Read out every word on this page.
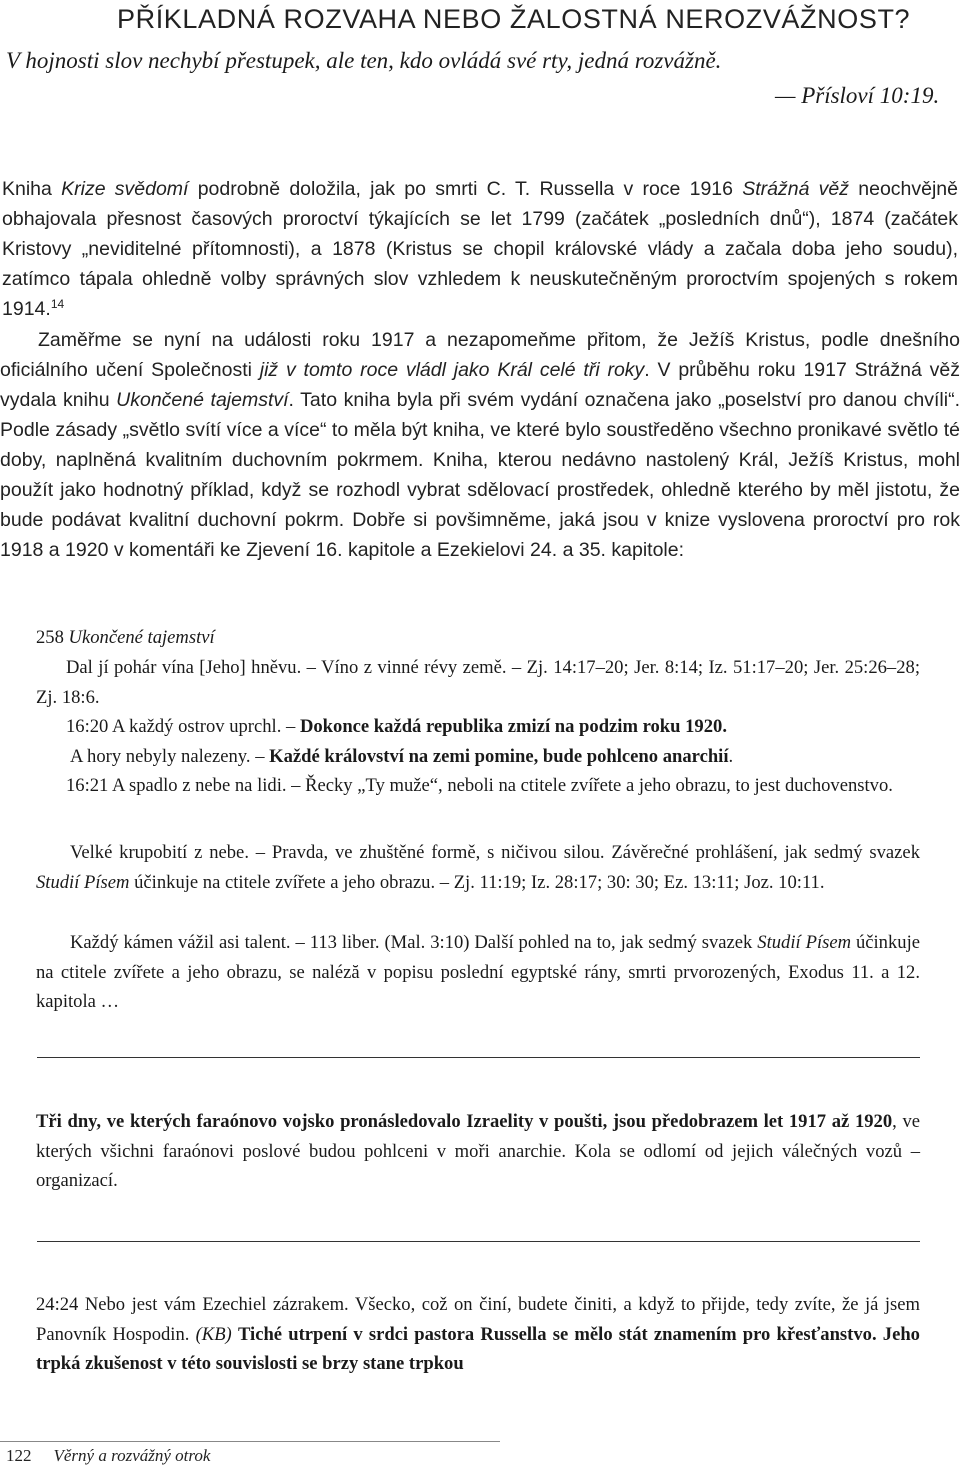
PŘÍKLADNÁ ROZVAHA NEBO ŽALOSTNÁ NEROZVÁŽNOST?
V hojnosti slov nechybí přestupek, ale ten, kdo ovládá své rty, jedná rozvážně.
— Přísloví 10:19.

Kniha Krize svědomí podrobně doložila, jak po smrti C. T. Russella v roce 1916 Strážná věž neochvějně obhajovala přesnost časových proroctví týkajících se let 1799 (začátek „posledních dnů“), 1874 (začátek Kristovy „neviditelné přítomnosti), a 1878 (Kristus se chopil královské vlády a začala doba jeho soudu), zatímco tápala ohledně volby správných slov vzhledem k neuskutečněným proroctvím spojených s rokem 1914.14

Zaměřme se nyní na události roku 1917 a nezapomeňme přitom, že Ježíš Kristus, podle dnešního oficiálního učení Společnosti již v tomto roce vládl jako Král celé tři roky. V průběhu roku 1917 Strážná věž vydala knihu Ukončené tajemství. Tato kniha byla při svém vydání označena jako „poselství pro danou chvíli“. Podle zásady „světlo svítí více a více“ to měla být kniha, ve které bylo soustředěno všechno pronikavé světlo té doby, naplněná kvalitním duchovním pokrmem. Kniha, kterou nedávno nastolený Král, Ježíš Kristus, mohl použít jako hodnotný příklad, když se rozhodl vybrat sdělovací prostředek, ohledně kterého by měl jistotu, že bude podávat kvalitní duchovní pokrm. Dobře si povšimněme, jaká jsou v knize vyslovena proroctví pro rok 1918 a 1920 v komentáři ke Zjevení 16. kapitole a Ezekielovi 24. a 35. kapitole:

258 Ukončené tajemství

Dal jí pohár vína [Jeho] hněvu. – Víno z vinné révy země. – Zj. 14:17–20; Jer. 8:14; Iz. 51:17–20; Jer. 25:26–28; Zj. 18:6.

16:20 A každý ostrov uprchl. – Dokonce každá republika zmizí na podzim roku 1920.

A hory nebyly nalezeny. – Každé království na zemi pomine, bude pohlceno anarchií.

16:21 A spadlo z nebe na lidi. – Řecky „Ty muže“, neboli na ctitele zvířete a jeho obrazu, to jest duchovenstvo.

Velké krupobití z nebe. – Pravda, ve zhuštěné formě, s ničivou silou. Závěrečné prohlášení, jak sedmý svazek Studií Písem účinkuje na ctitele zvířete a jeho obrazu. – Zj. 11:19; Iz. 28:17; 30: 30; Ez. 13:11; Joz. 10:11.

Každý kámen vážil asi talent. – 113 liber. (Mal. 3:10) Další pohled na to, jak sedmý svazek Studií Písem účinkuje na ctitele zvířete a jeho obrazu, se naléză v popisu poslední egyptské rány, smrti prvorozených, Exodus 11. a 12. kapitola …

Tři dny, ve kterých faraónovo vojsko pronásledovalo Izraelity v poušti, jsou předobrazem let 1917 až 1920, ve kterých všichni faraónovi poslové budou pohlceni v moři anarchie. Kola se odlomí od jejich válečných vozů – organizací.

24:24 Nebo jest vám Ezechiel zázrakem. Všecko, což on činí, budete činiti, a když to přijde, tedy zvíte, že já jsem Panovník Hospodin. (KB) Tiché utrpení v srdci pastora Russella se mělo stát znamením pro křesťanstvo. Jeho trpká zkušenost v této souvislosti se brzy stane trpkou

122 Věrný a rozvážný otrok
